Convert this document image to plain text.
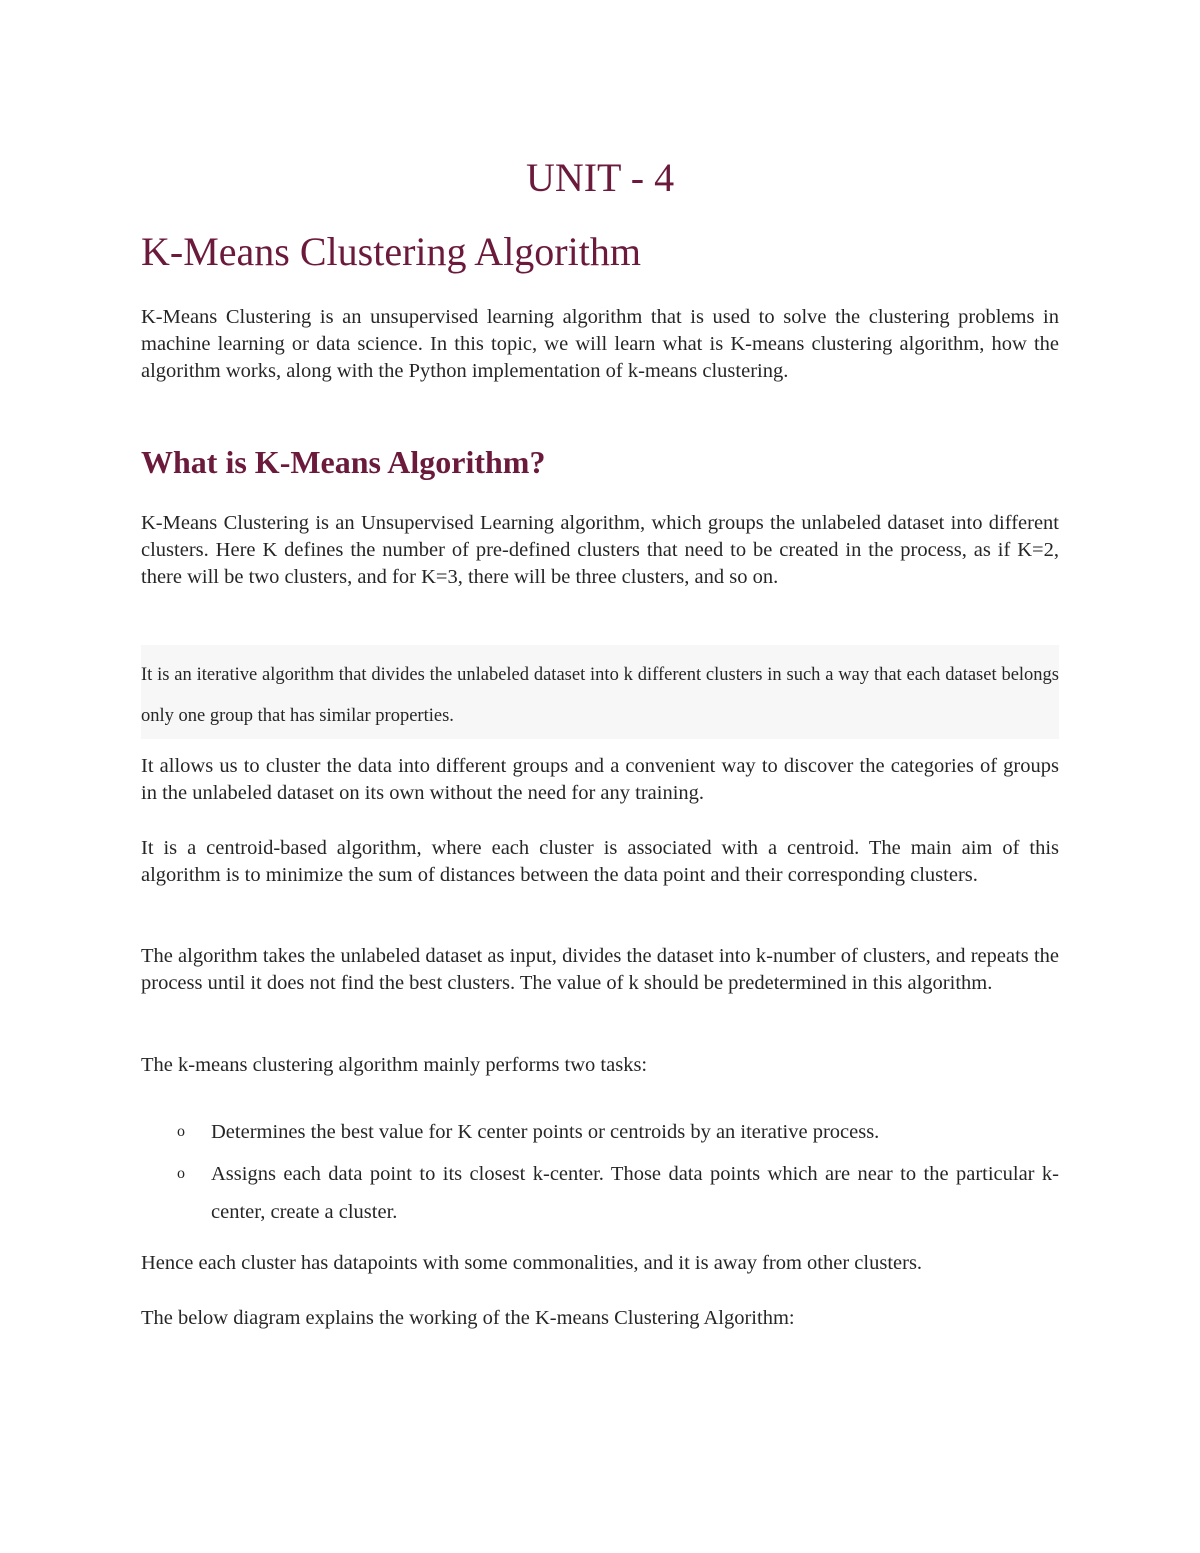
UNIT - 4
K-Means Clustering Algorithm

K-Means Clustering is an unsupervised learning algorithm that is used to solve the clustering problems in machine learning or data science. In this topic, we will learn what is K-means clustering algorithm, how the algorithm works, along with the Python implementation of k-means clustering.

What is K-Means Algorithm?

K-Means Clustering is an Unsupervised Learning algorithm, which groups the unlabeled dataset into different clusters. Here K defines the number of pre-defined clusters that need to be created in the process, as if K=2, there will be two clusters, and for K=3, there will be three clusters, and so on.

It is an iterative algorithm that divides the unlabeled dataset into k different clusters in such a way that each dataset belongs only one group that has similar properties.

It allows us to cluster the data into different groups and a convenient way to discover the categories of groups in the unlabeled dataset on its own without the need for any training.

It is a centroid-based algorithm, where each cluster is associated with a centroid. The main aim of this algorithm is to minimize the sum of distances between the data point and their corresponding clusters.

The algorithm takes the unlabeled dataset as input, divides the dataset into k-number of clusters, and repeats the process until it does not find the best clusters. The value of k should be predetermined in this algorithm.

The k-means clustering algorithm mainly performs two tasks:

o Determines the best value for K center points or centroids by an iterative process.
o Assigns each data point to its closest k-center. Those data points which are near to the particular k-center, create a cluster.

Hence each cluster has datapoints with some commonalities, and it is away from other clusters.

The below diagram explains the working of the K-means Clustering Algorithm:
